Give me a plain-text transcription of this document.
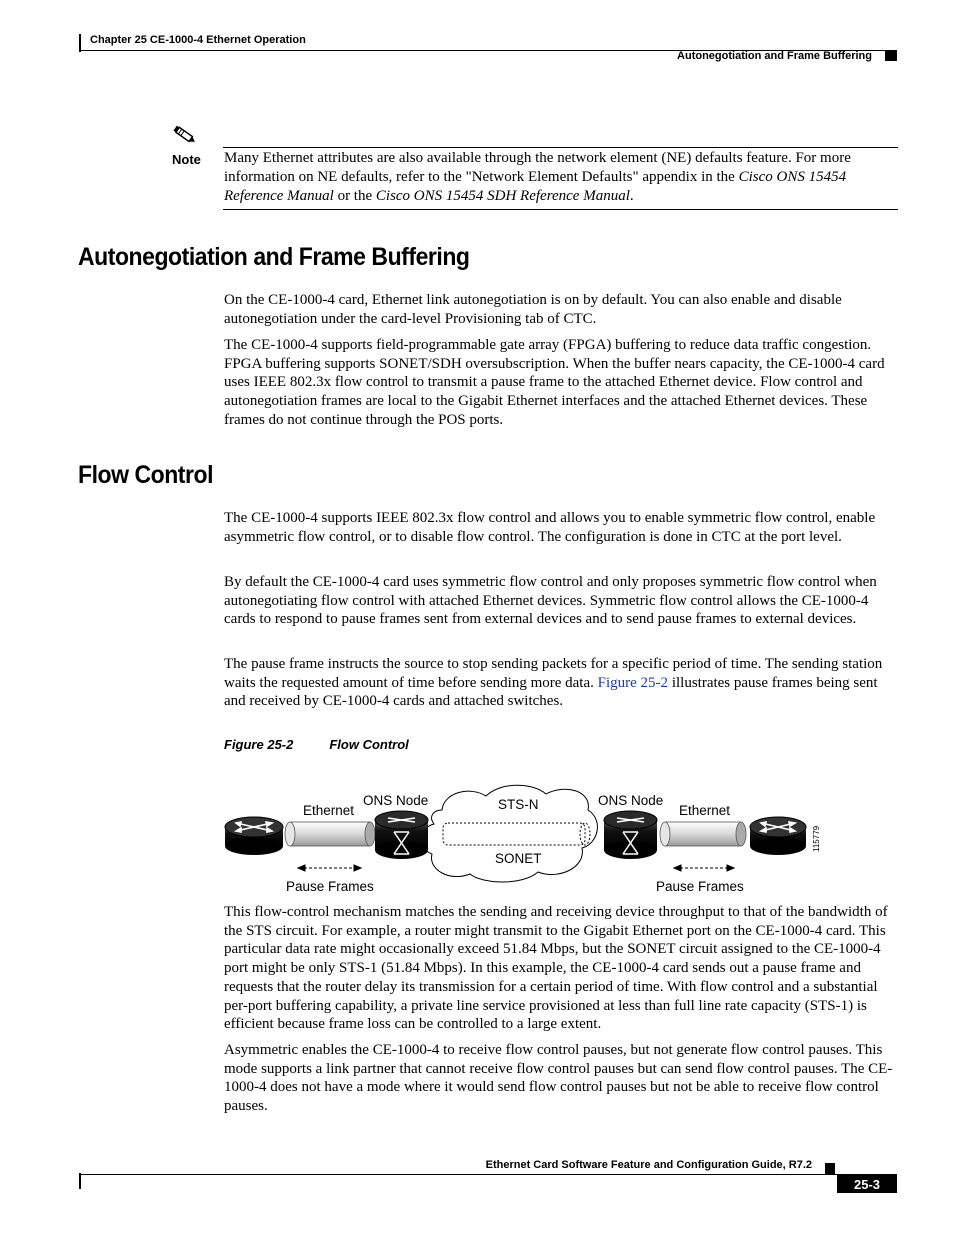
Chapter 25 CE-1000-4 Ethernet Operation
Autonegotiation and Frame Buffering
Note Many Ethernet attributes are also available through the network element (NE) defaults feature. For more information on NE defaults, refer to the "Network Element Defaults" appendix in the Cisco ONS 15454 Reference Manual or the Cisco ONS 15454 SDH Reference Manual.
Autonegotiation and Frame Buffering

On the CE-1000-4 card, Ethernet link autonegotiation is on by default. You can also enable and disable autonegotiation under the card-level Provisioning tab of CTC.

The CE-1000-4 supports field-programmable gate array (FPGA) buffering to reduce data traffic congestion. FPGA buffering supports SONET/SDH oversubscription. When the buffer nears capacity, the CE-1000-4 card uses IEEE 802.3x flow control to transmit a pause frame to the attached Ethernet device. Flow control and autonegotiation frames are local to the Gigabit Ethernet interfaces and the attached Ethernet devices. These frames do not continue through the POS ports.

Flow Control

The CE-1000-4 supports IEEE 802.3x flow control and allows you to enable symmetric flow control, enable asymmetric flow control, or to disable flow control. The configuration is done in CTC at the port level.

By default the CE-1000-4 card uses symmetric flow control and only proposes symmetric flow control when autonegotiating flow control with attached Ethernet devices. Symmetric flow control allows the CE-1000-4 cards to respond to pause frames sent from external devices and to send pause frames to external devices.

The pause frame instructs the source to stop sending packets for a specific period of time. The sending station waits the requested amount of time before sending more data. Figure 25-2 illustrates pause frames being sent and received by CE-1000-4 cards and attached switches.

Figure 25-2	Flow Control
Ethernet
ONS Node	STS-N	ONS Node
Ethernet
SONET
Pause Frames	Pause Frames
115779

This flow-control mechanism matches the sending and receiving device throughput to that of the bandwidth of the STS circuit. For example, a router might transmit to the Gigabit Ethernet port on the CE-1000-4 card. This particular data rate might occasionally exceed 51.84 Mbps, but the SONET circuit assigned to the CE-1000-4 port might be only STS-1 (51.84 Mbps). In this example, the CE-1000-4 card sends out a pause frame and requests that the router delay its transmission for a certain period of time. With flow control and a substantial per-port buffering capability, a private line service provisioned at less than full line rate capacity (STS-1) is efficient because frame loss can be controlled to a large extent.

Asymmetric enables the CE-1000-4 to receive flow control pauses, but not generate flow control pauses. This mode supports a link partner that cannot receive flow control pauses but can send flow control pauses. The CE-1000-4 does not have a mode where it would send flow control pauses but not be able to receive flow control pauses.

Ethernet Card Software Feature and Configuration Guide, R7.2
25-3
